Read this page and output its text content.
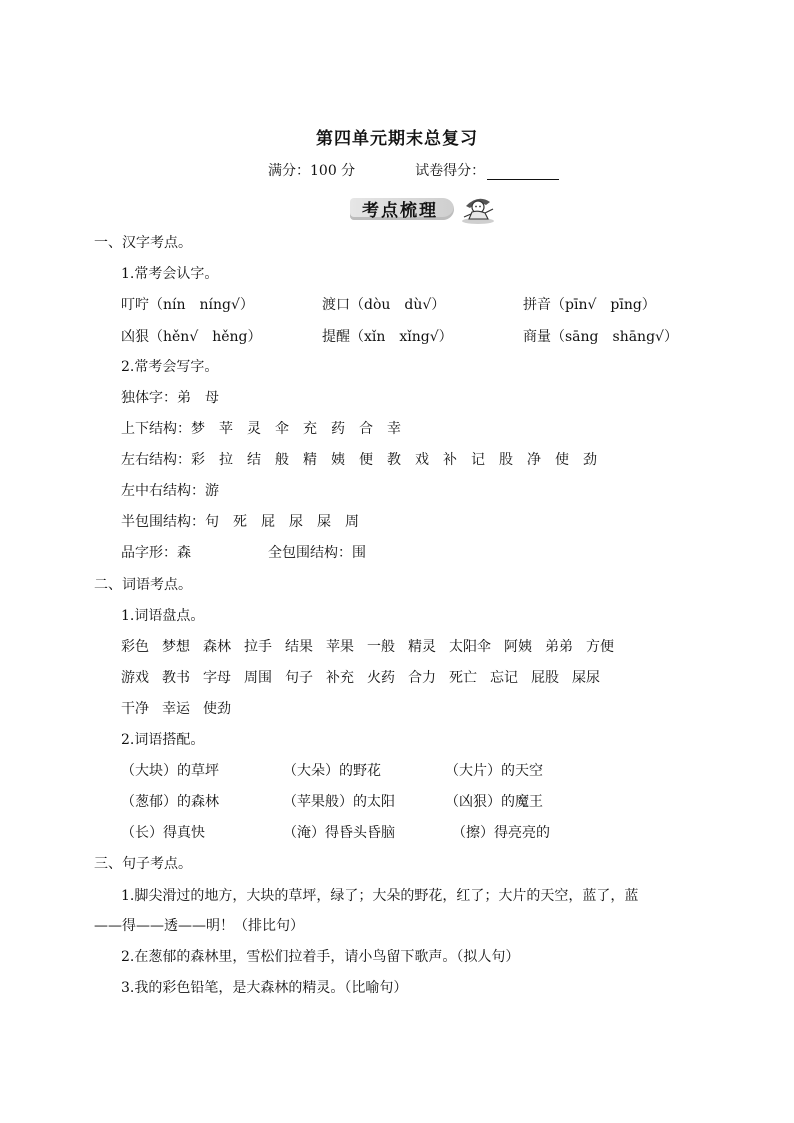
第四单元期末总复习
满分：100 分	试卷得分：
考点梳理
一、汉字考点。
1.常考会认字。
叮咛（nín　níng√）	渡口（dòu　dù√）	拼音（pīn√　pīng）
凶狠（hěn√　hěng）	提醒（xǐn　xǐng√）	商量（sāng　shāng√）
2.常考会写字。
独体字：弟 母
上下结构：梦 苹 灵 伞 充 药 合 幸
左右结构：彩 拉 结 般 精 姨 便 教 戏 补 记 股 净 使 劲
左中右结构：游
半包围结构：句 死 屁 尿 屎 周
品字形：森	全包围结构：围
二、词语考点。
1.词语盘点。
彩色 梦想 森林 拉手 结果 苹果 一般 精灵 太阳伞 阿姨 弟弟 方便
游戏 教书 字母 周围 句子 补充 火药 合力 死亡 忘记 屁股 屎尿
干净 幸运 使劲
2.词语搭配。
（大块）的草坪	（大朵）的野花	（大片）的天空
（葱郁）的森林	（苹果般）的太阳	（凶狠）的魔王
（长）得真快	（淹）得昏头昏脑	（擦）得亮亮的
三、句子考点。
1.脚尖滑过的地方，大块的草坪，绿了；大朵的野花，红了；大片的天空，蓝了，蓝
——得——透——明！（排比句）
2.在葱郁的森林里，雪松们拉着手，请小鸟留下歌声。（拟人句）
3.我的彩色铅笔，是大森林的精灵。（比喻句）
